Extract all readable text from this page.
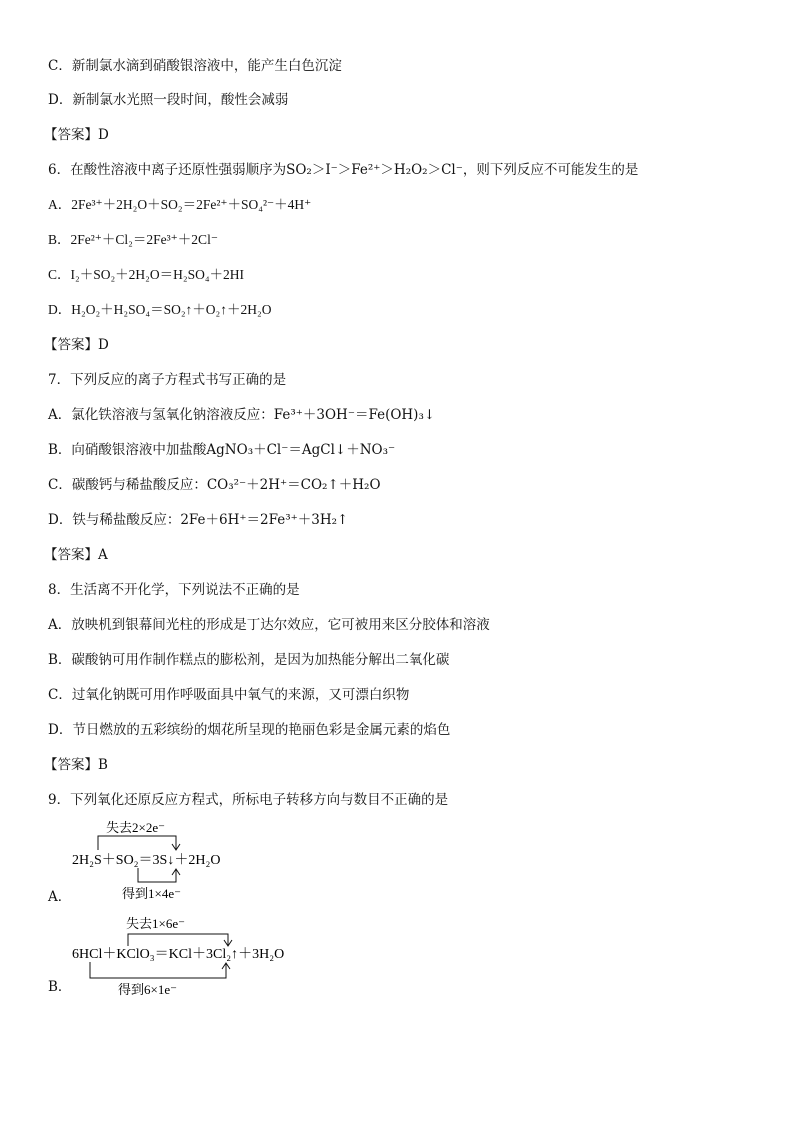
C．新制氯水滴到硝酸银溶液中，能产生白色沉淀
D．新制氯水光照一段时间，酸性会减弱
【答案】D
6．在酸性溶液中离子还原性强弱顺序为SO₂＞I⁻＞Fe²⁺＞H₂O₂＞Cl⁻，则下列反应不可能发生的是
A．2Fe³⁺＋2H₂O＋SO₂＝2Fe²⁺＋SO₄²⁻＋4H⁺
B．2Fe²⁺＋Cl₂＝2Fe³⁺＋2Cl⁻
C．I₂＋SO₂＋2H₂O＝H₂SO₄＋2HI
D．H₂O₂＋H₂SO₄＝SO₂↑＋O₂↑＋2H₂O
【答案】D
7．下列反应的离子方程式书写正确的是
A．氯化铁溶液与氢氧化钠溶液反应：Fe³⁺＋3OH⁻＝Fe(OH)₃↓
B．向硝酸银溶液中加盐酸AgNO₃＋Cl⁻＝AgCl↓＋NO₃⁻
C．碳酸钙与稀盐酸反应：CO₃²⁻＋2H⁺＝CO₂↑＋H₂O
D．铁与稀盐酸反应：2Fe＋6H⁺＝2Fe³⁺＋3H₂↑
【答案】A
8．生活离不开化学，下列说法不正确的是
A．放映机到银幕间光柱的形成是丁达尔效应，它可被用来区分胶体和溶液
B．碳酸钠可用作制作糕点的膨松剂，是因为加热能分解出二氧化碳
C．过氧化钠既可用作呼吸面具中氧气的来源，又可漂白织物
D．节日燃放的五彩缤纷的烟花所呈现的艳丽色彩是金属元素的焰色
【答案】B
9．下列氧化还原反应方程式，所标电子转移方向与数目不正确的是
A．
失去2×2e⁻
2H₂S＋SO₂＝3S↓＋2H₂O
得到1×4e⁻
B．
失去1×6e⁻
6HCl＋KClO₃＝KCl＋3Cl₂↑＋3H₂O
得到6×1e⁻
